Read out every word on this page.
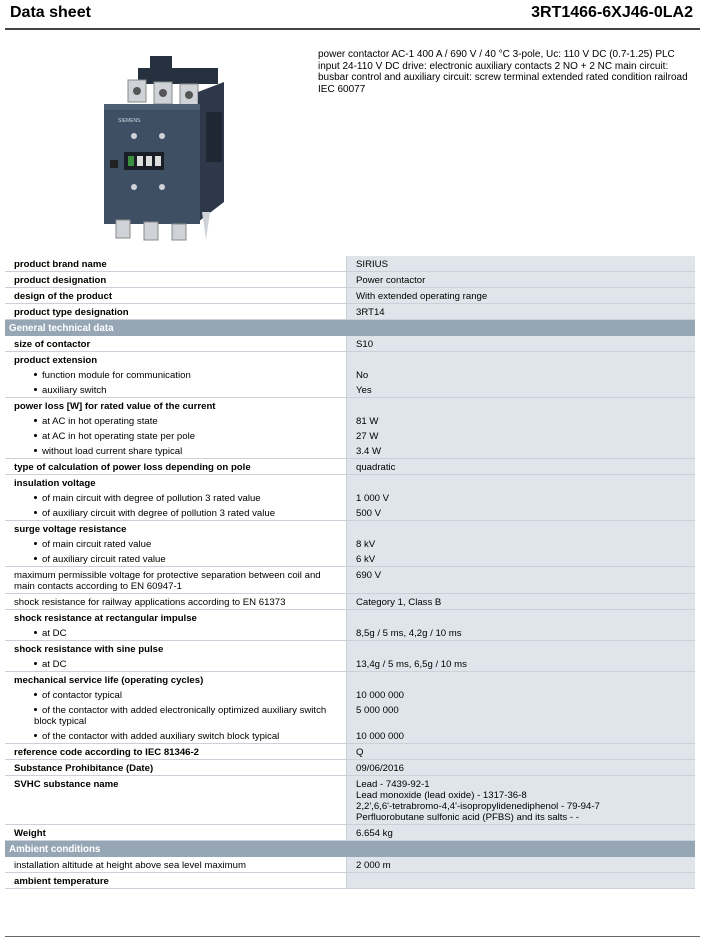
Data sheet	3RT1466-6XJ46-0LA2
SIEMENS
power contactor AC-1 400 A / 690 V / 40 °C 3-pole, Uc: 110 V DC (0.7-1.25) PLC input 24-110 V DC drive: electronic auxiliary contacts 2 NO + 2 NC main circuit: busbar control and auxiliary circuit: screw terminal extended rated condition railroad IEC 60077
product brand name	SIRIUS
product designation	Power contactor
design of the product	With extended operating range
product type designation	3RT14
General technical data	
size of contactor	S10
product extension	
function module for communication	No
auxiliary switch	Yes
power loss [W] for rated value of the current	
at AC in hot operating state	81 W
at AC in hot operating state per pole	27 W
without load current share typical	3.4 W
type of calculation of power loss depending on pole	quadratic
insulation voltage	
of main circuit with degree of pollution 3 rated value	1 000 V
of auxiliary circuit with degree of pollution 3 rated value	500 V
surge voltage resistance	
of main circuit rated value	8 kV
of auxiliary circuit rated value	6 kV
maximum permissible voltage for protective separation between coil and main contacts according to EN 60947-1	690 V
shock resistance for railway applications according to EN 61373	Category 1, Class B
shock resistance at rectangular impulse	
at DC	8,5g / 5 ms, 4,2g / 10 ms
shock resistance with sine pulse	
at DC	13,4g / 5 ms, 6,5g / 10 ms
mechanical service life (operating cycles)	
of contactor typical	10 000 000
of the contactor with added electronically optimized auxiliary switch block typical	5 000 000
of the contactor with added auxiliary switch block typical	10 000 000
reference code according to IEC 81346-2	Q
Substance Prohibitance (Date)	09/06/2016
SVHC substance name	Lead - 7439-92-1
Lead monoxide (lead oxide) - 1317-36-8
2,2',6,6'-tetrabromo-4,4'-isopropylidenediphenol - 79-94-7
Perfluorobutane sulfonic acid (PFBS) and its salts - -
Weight	6.654 kg
Ambient conditions	
installation altitude at height above sea level maximum	2 000 m
ambient temperature	
